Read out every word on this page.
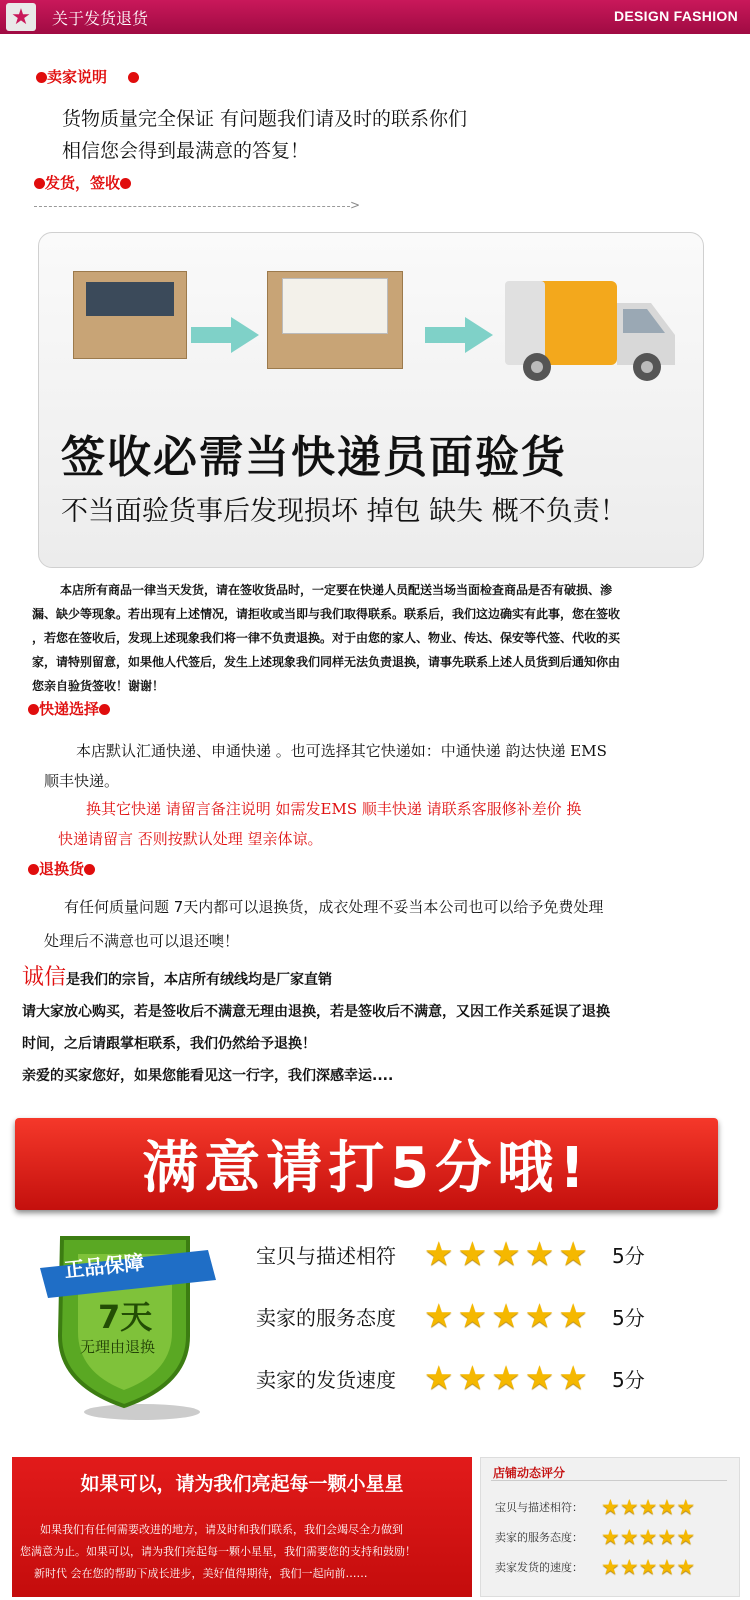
★	关于发货退货	DESIGN FASHION
卖家说明
货物质量完全保证 有问题我们请及时的联系你们
相信您会得到最满意的答复！
发货，签收
>
签收必需当快递员面验货
不当面验货事后发现损坏 掉包 缺失 概不负责！
本店所有商品一律当天发货，请在签收货品时，一定要在快递人员配送当场当面检查商品是否有破损、渗
漏、缺少等现象。若出现有上述情况，请拒收或当即与我们取得联系。联系后，我们这边确实有此事，您在签收
，若您在签收后，发现上述现象我们将一律不负责退换。对于由您的家人、物业、传达、保安等代签、代收的买
家，请特别留意，如果他人代签后，发生上述现象我们同样无法负责退换，请事先联系上述人员货到后通知你由
您亲自验货签收！谢谢！
快递选择
本店默认汇通快递、申通快递 。也可选择其它快递如：中通快递 韵达快递 EMS
顺丰快递。
换其它快递 请留言备注说明 如需发EMS 顺丰快递 请联系客服修补差价 换
快递请留言 否则按默认处理 望亲体谅。
退换货
有任何质量问题 7天内都可以退换货，成衣处理不妥当本公司也可以给予免费处理
处理后不满意也可以退还噢！
诚信是我们的宗旨，本店所有绒线均是厂家直销
请大家放心购买，若是签收后不满意无理由退换，若是签收后不满意，又因工作关系延误了退换
时间，之后请跟掌柜联系，我们仍然给予退换！
亲爱的买家您好，如果您能看见这一行字，我们深感幸运....
满意请打5分哦!
正品保障
7天
无理由退换
宝贝与描述相符 ★ ★ ★ ★ ★ 5分
卖家的服务态度 ★ ★ ★ ★ ★ 5分
卖家的发货速度 ★ ★ ★ ★ ★ 5分
如果可以，请为我们亮起每一颗小星星
如果我们有任何需要改进的地方，请及时和我们联系，我们会竭尽全力做到
您满意为止。如果可以，请为我们亮起每一颗小星星，我们需要您的支持和鼓励！
新时代 会在您的帮助下成长进步，美好值得期待，我们一起向前……
店铺动态评分
宝贝与描述相符： ★ ★ ★ ★ ★
卖家的服务态度： ★ ★ ★ ★ ★
卖家发货的速度： ★ ★ ★ ★ ★
